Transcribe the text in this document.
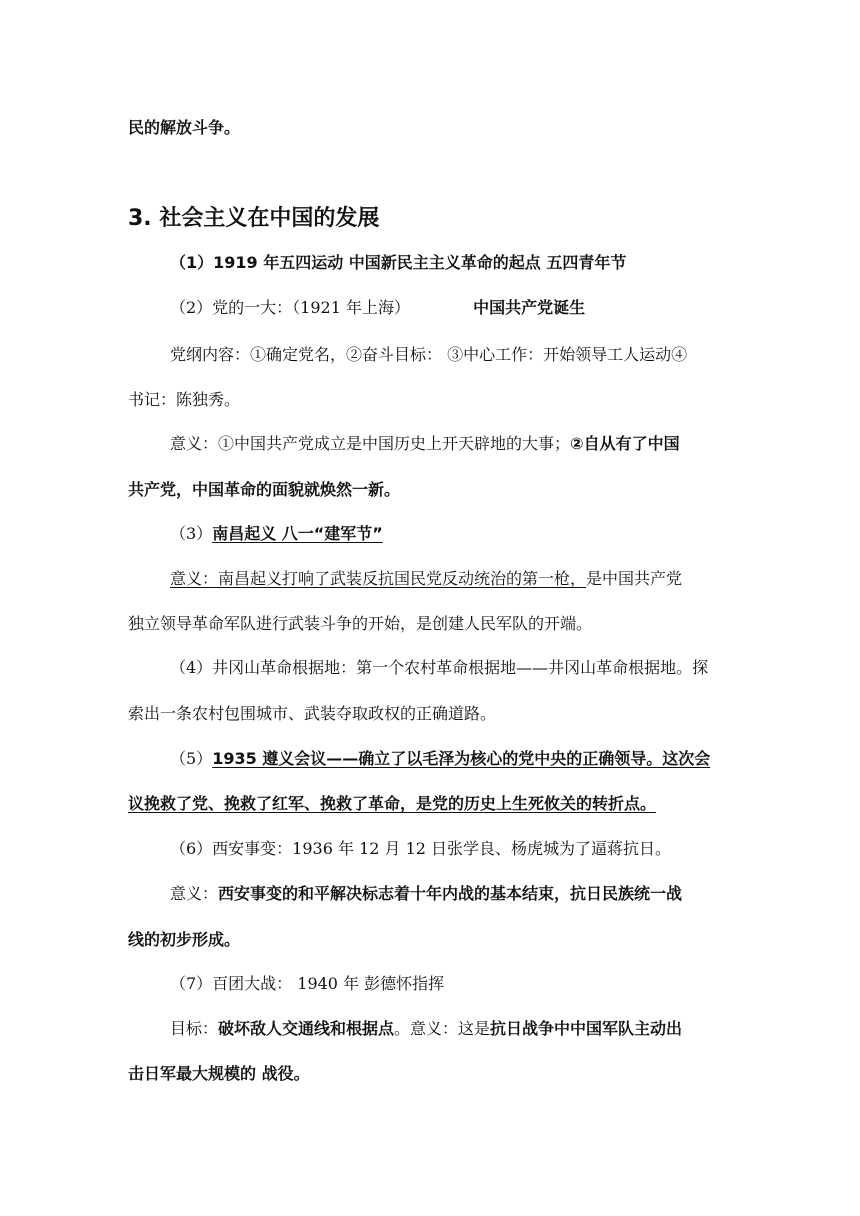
民的解放斗争。
3. 社会主义在中国的发展
（1）1919 年五四运动 中国新民主主义革命的起点 五四青年节
（2）党的一大：（1921 年上海）	中国共产党诞生
党纲内容：①确定党名，②奋斗目标： ③中心工作：开始领导工人运动④
书记：陈独秀。
意义：①中国共产党成立是中国历史上开天辟地的大事；②自从有了中国
共产党，中国革命的面貌就焕然一新。
（3）南昌起义 八一“建军节”
意义：南昌起义打响了武装反抗国民党反动统治的第一枪，是中国共产党
独立领导革命军队进行武装斗争的开始，是创建人民军队的开端。
（4）井冈山革命根据地：第一个农村革命根据地——井冈山革命根据地。探
索出一条农村包围城市、武装夺取政权的正确道路。
（5）1935 遵义会议——确立了以毛泽为核心的党中央的正确领导。这次会
议挽救了党、挽救了红军、挽救了革命，是党的历史上生死攸关的转折点。
（6）西安事变：1936 年 12 月 12 日张学良、杨虎城为了逼蒋抗日。
意义：西安事变的和平解决标志着十年内战的基本结束，抗日民族统一战
线的初步形成。
（7）百团大战： 1940 年 彭德怀指挥
目标：破坏敌人交通线和根据点。意义：这是抗日战争中中国军队主动出
击日军最大规模的 战役。
